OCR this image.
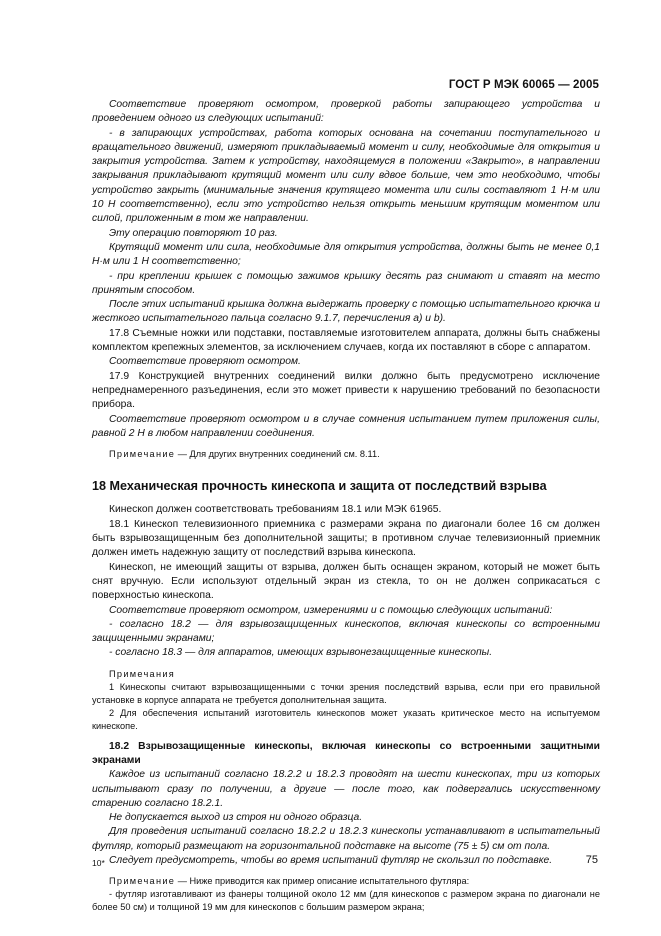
ГОСТ Р МЭК 60065 — 2005

Соответствие проверяют осмотром, проверкой работы запирающего устройства и проведением одного из следующих испытаний:

- в запирающих устройствах, работа которых основана на сочетании поступательного и вращательного движений, измеряют прикладываемый момент и силу, необходимые для открытия и закрытия устройства. Затем к устройству, находящемуся в положении «Закрыто», в направлении закрывания прикладывают крутящий момент или силу вдвое больше, чем это необходимо, чтобы устройство закрыть (минимальные значения крутящего момента или силы составляют 1 Н·м или 10 Н соответственно), если это устройство нельзя открыть меньшим крутящим моментом или силой, приложенным в том же направлении.

Эту операцию повторяют 10 раз.

Крутящий момент или сила, необходимые для открытия устройства, должны быть не менее 0,1 Н·м или 1 Н соответственно;

- при креплении крышек с помощью зажимов крышку десять раз снимают и ставят на место принятым способом.

После этих испытаний крышка должна выдержать проверку с помощью испытательного крючка и жесткого испытательного пальца согласно 9.1.7, перечисления а) и b).

17.8 Съемные ножки или подставки, поставляемые изготовителем аппарата, должны быть снабжены комплектом крепежных элементов, за исключением случаев, когда их поставляют в сборе с аппаратом.

Соответствие проверяют осмотром.

17.9 Конструкцией внутренних соединений вилки должно быть предусмотрено исключение непреднамеренного разъединения, если это может привести к нарушению требований по безопасности прибора.

Соответствие проверяют осмотром и в случае сомнения испытанием путем приложения силы, равной 2 Н в любом направлении соединения.

Примечание — Для других внутренних соединений см. 8.11.

18 Механическая прочность кинескопа и защита от последствий взрыва

Кинескоп должен соответствовать требованиям 18.1 или МЭК 61965.

18.1 Кинескоп телевизионного приемника с размерами экрана по диагонали более 16 см должен быть взрывозащищенным без дополнительной защиты; в противном случае телевизионный приемник должен иметь надежную защиту от последствий взрыва кинескопа.

Кинескоп, не имеющий защиты от взрыва, должен быть оснащен экраном, который не может быть снят вручную. Если используют отдельный экран из стекла, то он не должен соприкасаться с поверхностью кинескопа.

Соответствие проверяют осмотром, измерениями и с помощью следующих испытаний:

- согласно 18.2 — для взрывозащищенных кинескопов, включая кинескопы со встроенными защищенными экранами;

- согласно 18.3 — для аппаратов, имеющих взрывонезащищенные кинескопы.

Примечания

1 Кинескопы считают взрывозащищенными с точки зрения последствий взрыва, если при его правильной установке в корпусе аппарата не требуется дополнительная защита.

2 Для обеспечения испытаний изготовитель кинескопов может указать критическое место на испытуемом кинескопе.

18.2 Взрывозащищенные кинескопы, включая кинескопы со встроенными защитными экранами

Каждое из испытаний согласно 18.2.2 и 18.2.3 проводят на шести кинескопах, три из которых испытывают сразу по получении, а другие — после того, как подвергались искусственному старению согласно 18.2.1.

Не допускается выход из строя ни одного образца.

Для проведения испытаний согласно 18.2.2 и 18.2.3 кинескопы устанавливают в испытательный футляр, который размещают на горизонтальной подставке на высоте (75 ± 5) см от пола.

Следует предусмотреть, чтобы во время испытаний футляр не скользил по подставке.

Примечание — Ниже приводится как пример описание испытательного футляра:

- футляр изготавливают из фанеры толщиной около 12 мм (для кинескопов с размером экрана по диагонали не более 50 см) и толщиной 19 мм для кинескопов с большим размером экрана;

10*	75
